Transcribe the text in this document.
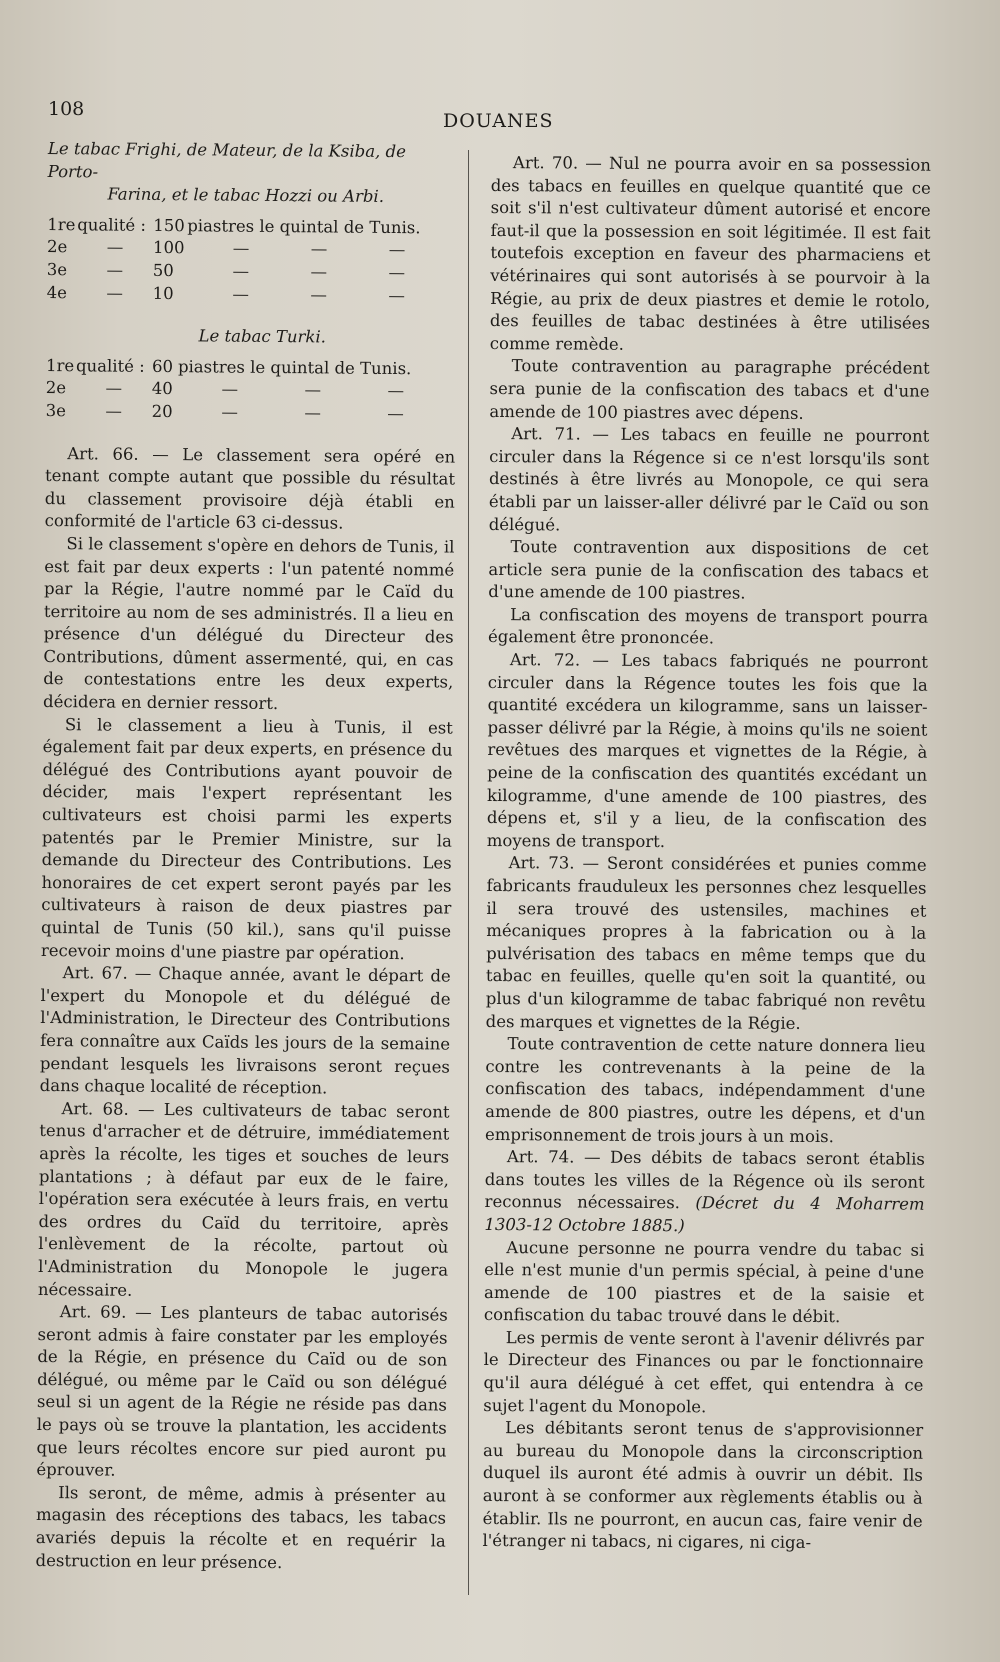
108
DOUANES

Le tabac Frighi, de Mateur, de la Ksiba, de Porto-
Farina, et le tabac Hozzi ou Arbi.

1re qualité : 150 piastres le quintal de Tunis.
2e	—	100	—	—	—
3e	—	50	—	—	—
4e	—	10	—	—	—

Le tabac Turki.

1re qualité : 60 piastres le quintal de Tunis.
2e	—	40	—	—	—
3e	—	20	—	—	—

Art. 66. — Le classement sera opéré en tenant compte autant que possible du résultat du classement provisoire déjà établi en conformité de l'article 63 ci-dessus.

Si le classement s'opère en dehors de Tunis, il est fait par deux experts : l'un patenté nommé par la Régie, l'autre nommé par le Caïd du territoire au nom de ses administrés. Il a lieu en présence d'un délégué du Directeur des Contributions, dûment assermenté, qui, en cas de contestations entre les deux experts, décidera en dernier ressort.

Si le classement a lieu à Tunis, il est également fait par deux experts, en présence du délégué des Contributions ayant pouvoir de décider, mais l'expert représentant les cultivateurs est choisi parmi les experts patentés par le Premier Ministre, sur la demande du Directeur des Contributions. Les honoraires de cet expert seront payés par les cultivateurs à raison de deux piastres par quintal de Tunis (50 kil.), sans qu'il puisse recevoir moins d'une piastre par opération.

Art. 67. — Chaque année, avant le départ de l'expert du Monopole et du délégué de l'Administration, le Directeur des Contributions fera connaître aux Caïds les jours de la semaine pendant lesquels les livraisons seront reçues dans chaque localité de réception.

Art. 68. — Les cultivateurs de tabac seront tenus d'arracher et de détruire, immédiatement après la récolte, les tiges et souches de leurs plantations ; à défaut par eux de le faire, l'opération sera exécutée à leurs frais, en vertu des ordres du Caïd du territoire, après l'enlèvement de la récolte, partout où l'Administration du Monopole le jugera nécessaire.

Art. 69. — Les planteurs de tabac autorisés seront admis à faire constater par les employés de la Régie, en présence du Caïd ou de son délégué, ou même par le Caïd ou son délégué seul si un agent de la Régie ne réside pas dans le pays où se trouve la plantation, les accidents que leurs récoltes encore sur pied auront pu éprouver.

Ils seront, de même, admis à présenter au magasin des réceptions des tabacs, les tabacs avariés depuis la récolte et en requérir la destruction en leur présence.

Art. 70. — Nul ne pourra avoir en sa possession des tabacs en feuilles en quelque quantité que ce soit s'il n'est cultivateur dûment autorisé et encore faut-il que la possession en soit légitimée. Il est fait toutefois exception en faveur des pharmaciens et vétérinaires qui sont autorisés à se pourvoir à la Régie, au prix de deux piastres et demie le rotolo, des feuilles de tabac destinées à être utilisées comme remède.

Toute contravention au paragraphe précédent sera punie de la confiscation des tabacs et d'une amende de 100 piastres avec dépens.

Art. 71. — Les tabacs en feuille ne pourront circuler dans la Régence si ce n'est lorsqu'ils sont destinés à être livrés au Monopole, ce qui sera établi par un laisser-aller délivré par le Caïd ou son délégué.

Toute contravention aux dispositions de cet article sera punie de la confiscation des tabacs et d'une amende de 100 piastres.

La confiscation des moyens de transport pourra également être prononcée.

Art. 72. — Les tabacs fabriqués ne pourront circuler dans la Régence toutes les fois que la quantité excédera un kilogramme, sans un laisser-passer délivré par la Régie, à moins qu'ils ne soient revêtues des marques et vignettes de la Régie, à peine de la confiscation des quantités excédant un kilogramme, d'une amende de 100 piastres, des dépens et, s'il y a lieu, de la confiscation des moyens de transport.

Art. 73. — Seront considérées et punies comme fabricants frauduleux les personnes chez lesquelles il sera trouvé des ustensiles, machines et mécaniques propres à la fabrication ou à la pulvérisation des tabacs en même temps que du tabac en feuilles, quelle qu'en soit la quantité, ou plus d'un kilogramme de tabac fabriqué non revêtu des marques et vignettes de la Régie.

Toute contravention de cette nature donnera lieu contre les contrevenants à la peine de la confiscation des tabacs, indépendamment d'une amende de 800 piastres, outre les dépens, et d'un emprisonnement de trois jours à un mois.

Art. 74. — Des débits de tabacs seront établis dans toutes les villes de la Régence où ils seront reconnus nécessaires. (Décret du 4 Moharrem 1303-12 Octobre 1885.)

Aucune personne ne pourra vendre du tabac si elle n'est munie d'un permis spécial, à peine d'une amende de 100 piastres et de la saisie et confiscation du tabac trouvé dans le débit.

Les permis de vente seront à l'avenir délivrés par le Directeur des Finances ou par le fonctionnaire qu'il aura délégué à cet effet, qui entendra à ce sujet l'agent du Monopole.

Les débitants seront tenus de s'approvisionner au bureau du Monopole dans la circonscription duquel ils auront été admis à ouvrir un débit. Ils auront à se conformer aux règlements établis ou à établir. Ils ne pourront, en aucun cas, faire venir de l'étranger ni tabacs, ni cigares, ni ciga-
